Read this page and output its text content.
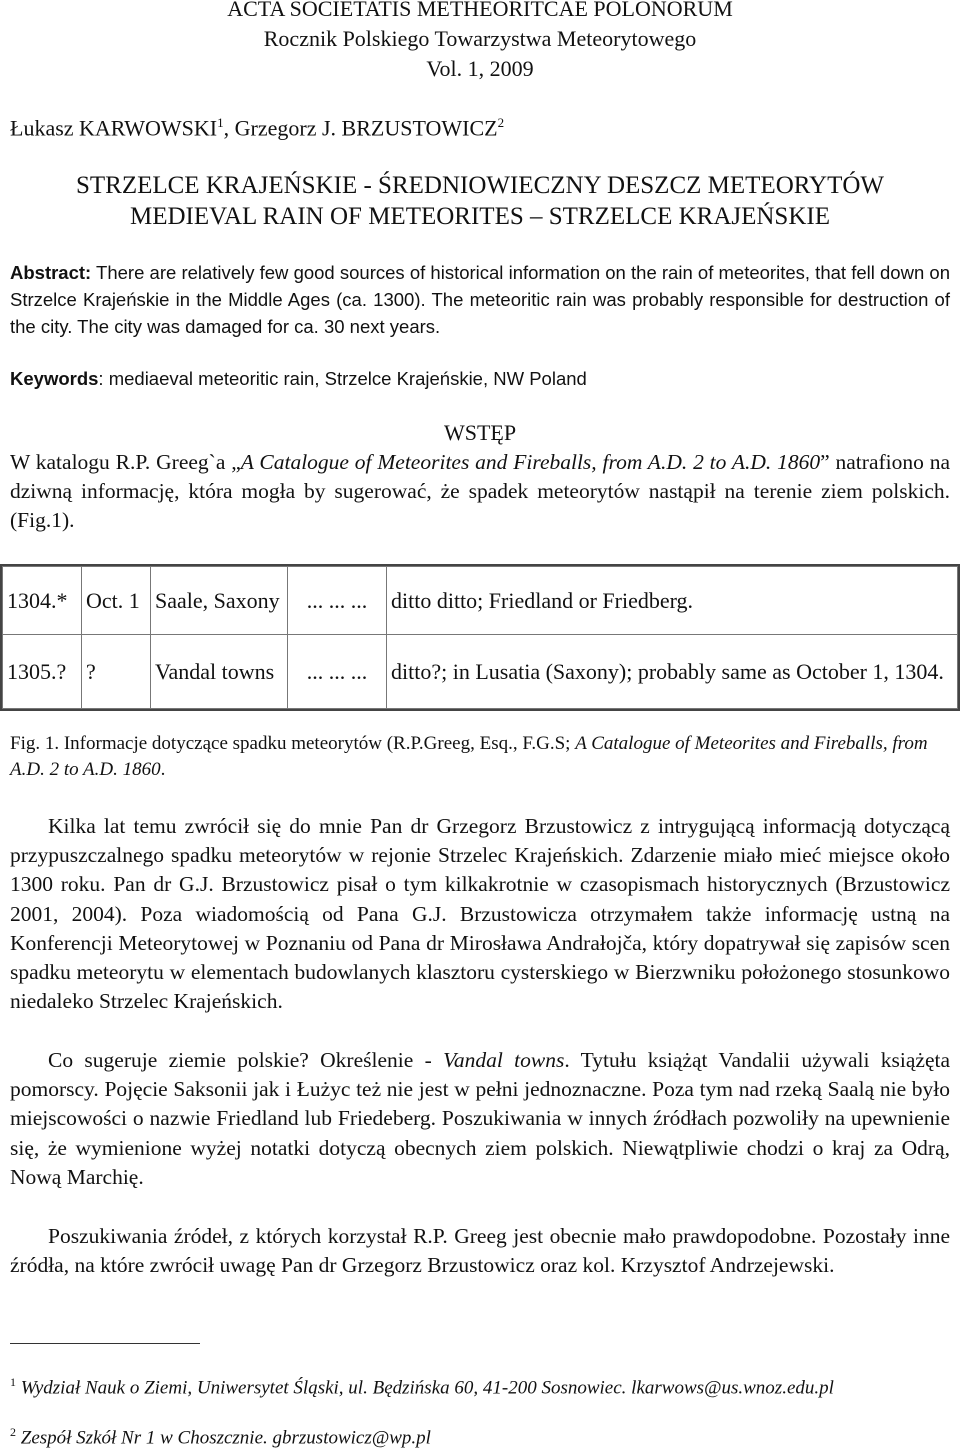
ACTA SOCIETATIS METHEORITCAE POLONORUM
Rocznik Polskiego Towarzystwa Meteorytowego
Vol. 1, 2009
Łukasz KARWOWSKI$^1$, Grzegorz J. BRZUSTOWICZ$^2$
STRZELCE KRAJEŃSKIE - ŚREDNIOWIECZNY DESZCZ METEORYTÓW
MEDIEVAL RAIN OF METEORITES – STRZELCE KRAJEŃSKIE
Abstract: There are relatively few good sources of historical information on the rain of meteorites, that fell down on Strzelce Krajeńskie in the Middle Ages (ca. 1300). The meteoritic rain was probably responsible for destruction of the city. The city was damaged for ca. 30 next years.
Keywords: mediaeval meteoritic rain, Strzelce Krajeńskie, NW Poland
WSTĘP
W katalogu R.P. Greeg`a „A Catalogue of Meteorites and Fireballs, from A.D. 2 to A.D. 1860” natrafiono na dziwną informację, która mogła by sugerować, że spadek meteorytów nastąpił na terenie ziem polskich. (Fig.1).
1304.*	Oct. 1	Saale, Saxony	... ... ...	ditto ditto; Friedland or Friedberg.
1305.?	?	Vandal towns	... ... ...	ditto?; in Lusatia (Saxony); probably same as October 1, 1304.
Fig. 1. Informacje dotyczące spadku meteorytów (R.P.Greeg, Esq., F.G.S; A Catalogue of Meteorites and Fireballs, from A.D. 2 to A.D. 1860.
Kilka lat temu zwrócił się do mnie Pan dr Grzegorz Brzustowicz z intrygującą informacją dotyczącą przypuszczalnego spadku meteorytów w rejonie Strzelec Krajeńskich. Zdarzenie miało mieć miejsce około 1300 roku. Pan dr G.J. Brzustowicz pisał o tym kilkakrotnie w czasopismach historycznych (Brzustowicz 2001, 2004). Poza wiadomością od Pana G.J. Brzustowicza otrzymałem także informację ustną na Konferencji Meteorytowej w Poznaniu od Pana dr Mirosława Andrałojča, który dopatrywał się zapisów scen spadku meteorytu w elementach budowlanych klasztoru cysterskiego w Bierzwniku położonego stosunkowo niedaleko Strzelec Krajeńskich.
Co sugeruje ziemie polskie? Określenie - Vandal towns. Tytułu książąt Vandalii używali książęta pomorscy. Pojęcie Saksonii jak i Łużyc też nie jest w pełni jednoznaczne. Poza tym nad rzeką Saalą nie było miejscowości o nazwie Friedland lub Friedeberg. Poszukiwania w innych źródłach pozwoliły na upewnienie się, że wymienione wyżej notatki dotyczą obecnych ziem polskich. Niewątpliwie chodzi o kraj za Odrą, Nową Marchię.
Poszukiwania źródeł, z których korzystał R.P. Greeg jest obecnie mało prawdopodobne. Pozostały inne źródła, na które zwrócił uwagę Pan dr Grzegorz Brzustowicz oraz kol. Krzysztof Andrzejewski.
$^1$ Wydział Nauk o Ziemi, Uniwersytet Śląski, ul. Będzińska 60, 41-200 Sosnowiec. lkarwows@us.wnoz.edu.pl
$^2$ Zespół Szkół Nr 1 w Choszcznie. gbrzustowicz@wp.pl
